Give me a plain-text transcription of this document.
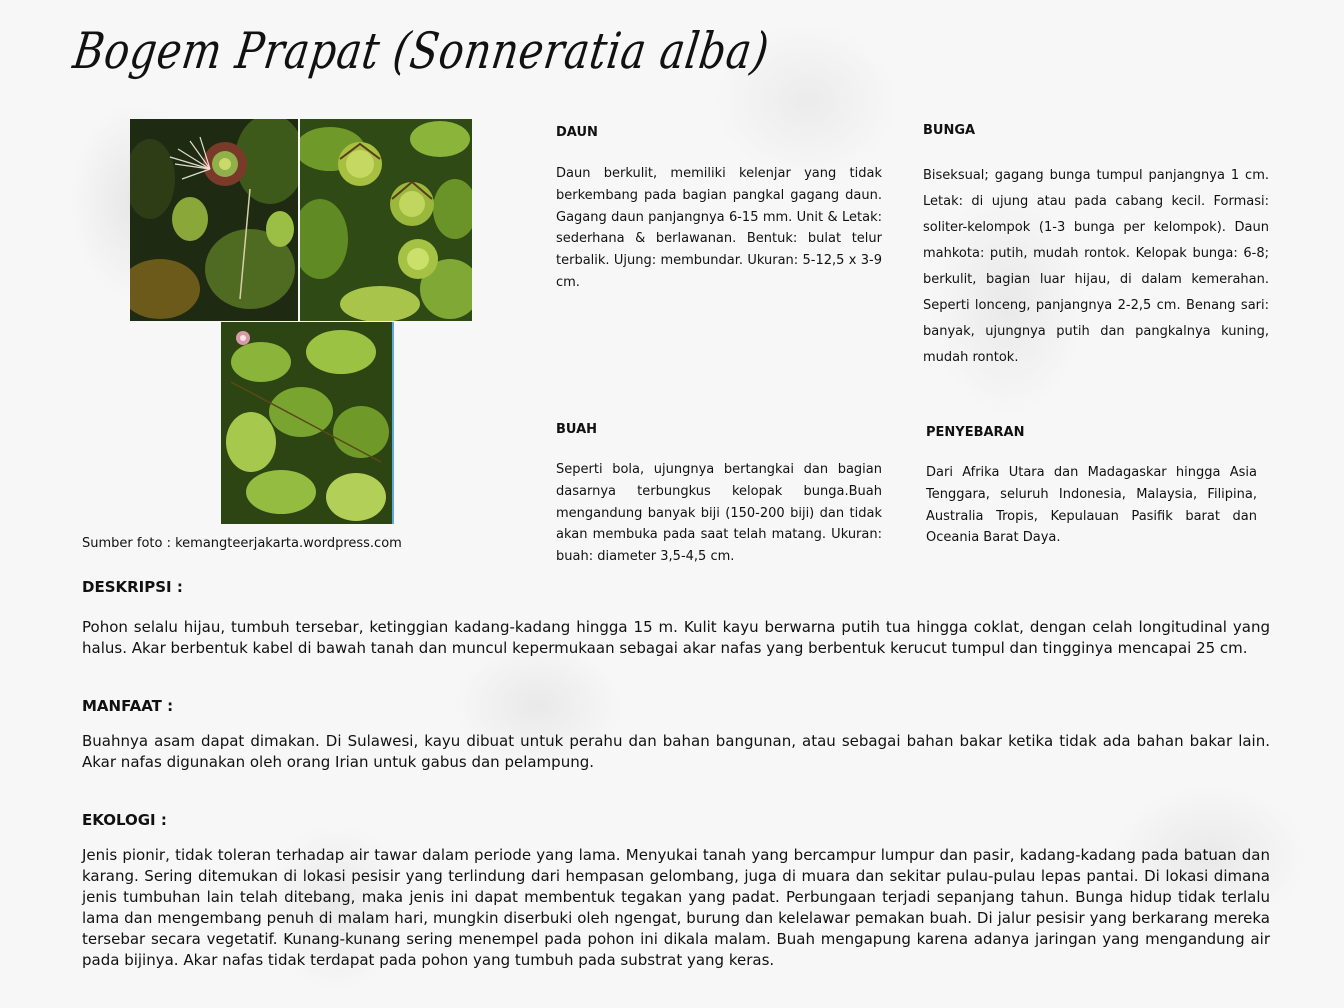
Bogem Prapat (Sonneratia alba)
Sumber foto : kemangteerjakarta.wordpress.com
DAUN

Daun berkulit, memiliki kelenjar yang tidak berkembang pada bagian pangkal gagang daun. Gagang daun panjangnya 6-15 mm. Unit & Letak: sederhana & berlawanan. Bentuk: bulat telur terbalik. Ujung: membundar. Ukuran: 5-12,5 x 3-9 cm.

BUNGA

Biseksual; gagang bunga tumpul panjangnya 1 cm. Letak: di ujung atau pada cabang kecil. Formasi: soliter-kelompok (1-3 bunga per kelompok). Daun mahkota: putih, mudah rontok. Kelopak bunga: 6-8; berkulit, bagian luar hijau, di dalam kemerahan. Seperti lonceng, panjangnya 2-2,5 cm. Benang sari: banyak, ujungnya putih dan pangkalnya kuning, mudah rontok.

BUAH

Seperti bola, ujungnya bertangkai dan bagian dasarnya terbungkus kelopak bunga.Buah mengandung banyak biji (150-200 biji) dan tidak akan membuka pada saat telah matang. Ukuran: buah: diameter 3,5-4,5 cm.

PENYEBARAN

Dari Afrika Utara dan Madagaskar hingga Asia Tenggara, seluruh Indonesia, Malaysia, Filipina, Australia Tropis, Kepulauan Pasifik barat dan Oceania Barat Daya.

DESKRIPSI :

Pohon selalu hijau, tumbuh tersebar, ketinggian kadang-kadang hingga 15 m. Kulit kayu berwarna putih tua hingga coklat, dengan celah longitudinal yang halus. Akar berbentuk kabel di bawah tanah dan muncul kepermukaan sebagai akar nafas yang berbentuk kerucut tumpul dan tingginya mencapai 25 cm.

MANFAAT :

Buahnya asam dapat dimakan. Di Sulawesi, kayu dibuat untuk perahu dan bahan bangunan, atau sebagai bahan bakar ketika tidak ada bahan bakar lain. Akar nafas digunakan oleh orang Irian untuk gabus dan pelampung.

EKOLOGI :

Jenis pionir, tidak toleran terhadap air tawar dalam periode yang lama. Menyukai tanah yang bercampur lumpur dan pasir, kadang-kadang pada batuan dan karang. Sering ditemukan di lokasi pesisir yang terlindung dari hempasan gelombang, juga di muara dan sekitar pulau-pulau lepas pantai. Di lokasi dimana jenis tumbuhan lain telah ditebang, maka jenis ini dapat membentuk tegakan yang padat. Perbungaan terjadi sepanjang tahun. Bunga hidup tidak terlalu lama dan mengembang penuh di malam hari, mungkin diserbuki oleh ngengat, burung dan kelelawar pemakan buah. Di jalur pesisir yang berkarang mereka tersebar secara vegetatif. Kunang-kunang sering menempel pada pohon ini dikala malam. Buah mengapung karena adanya jaringan yang mengandung air pada bijinya. Akar nafas tidak terdapat pada pohon yang tumbuh pada substrat yang keras.
